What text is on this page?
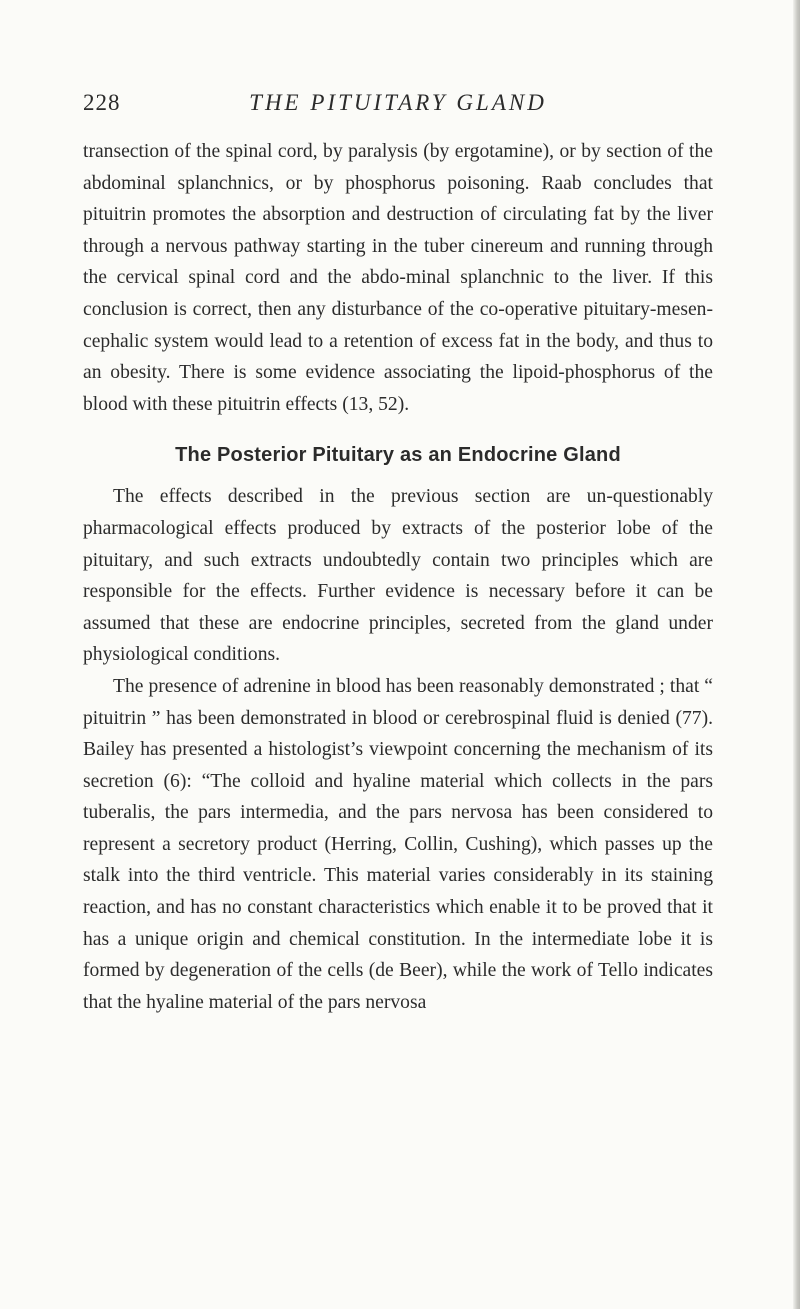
228	THE PITUITARY GLAND

transection of the spinal cord, by paralysis (by ergotamine), or by section of the abdominal splanchnics, or by phosphorus poisoning. Raab concludes that pituitrin promotes the absorption and destruction of circulating fat by the liver through a nervous pathway starting in the tuber cinereum and running through the cervical spinal cord and the abdo-minal splanchnic to the liver. If this conclusion is correct, then any disturbance of the co-operative pituitary-mesen-cephalic system would lead to a retention of excess fat in the body, and thus to an obesity. There is some evidence associating the lipoid-phosphorus of the blood with these pituitrin effects (13, 52).

The Posterior Pituitary as an Endocrine Gland

The effects described in the previous section are un-questionably pharmacological effects produced by extracts of the posterior lobe of the pituitary, and such extracts undoubtedly contain two principles which are responsible for the effects. Further evidence is necessary before it can be assumed that these are endocrine principles, secreted from the gland under physiological conditions.

The presence of adrenine in blood has been reasonably demonstrated ; that “ pituitrin ” has been demonstrated in blood or cerebrospinal fluid is denied (77). Bailey has presented a histologist’s viewpoint concerning the mechanism of its secretion (6): “The colloid and hyaline material which collects in the pars tuberalis, the pars intermedia, and the pars nervosa has been considered to represent a secretory product (Herring, Collin, Cushing), which passes up the stalk into the third ventricle. This material varies considerably in its staining reaction, and has no constant characteristics which enable it to be proved that it has a unique origin and chemical constitution. In the intermediate lobe it is formed by degeneration of the cells (de Beer), while the work of Tello indicates that the hyaline material of the pars nervosa
